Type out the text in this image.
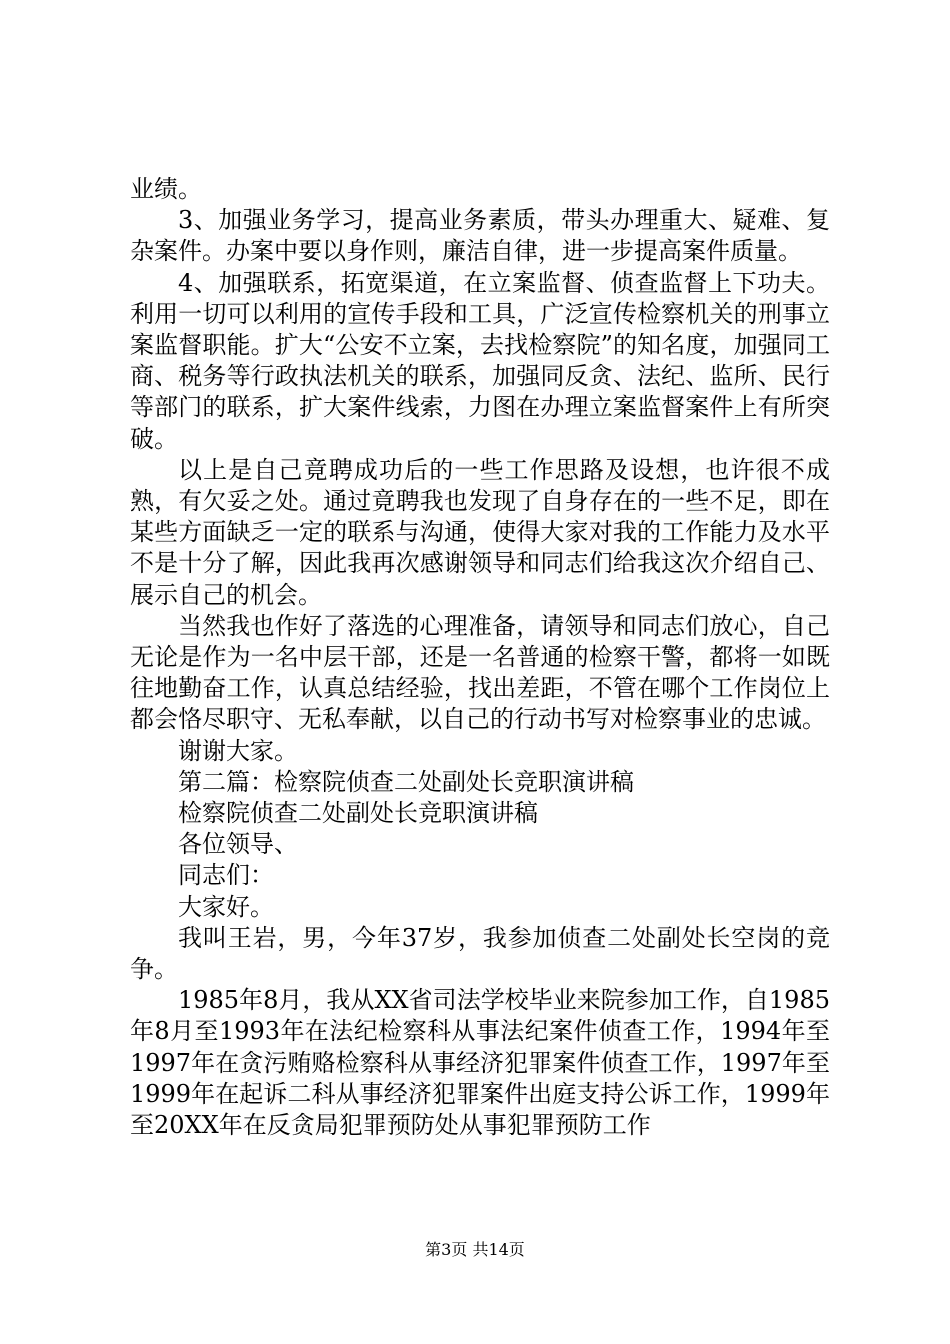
业绩。

3、加强业务学习，提高业务素质，带头办理重大、疑难、复杂案件。办案中要以身作则，廉洁自律，进一步提高案件质量。

4、加强联系，拓宽渠道，在立案监督、侦查监督上下功夫。利用一切可以利用的宣传手段和工具，广泛宣传检察机关的刑事立案监督职能。扩大“公安不立案，去找检察院”的知名度，加强同工商、税务等行政执法机关的联系，加强同反贪、法纪、监所、民行等部门的联系，扩大案件线索，力图在办理立案监督案件上有所突破。

以上是自己竟聘成功后的一些工作思路及设想，也许很不成熟，有欠妥之处。通过竟聘我也发现了自身存在的一些不足，即在某些方面缺乏一定的联系与沟通，使得大家对我的工作能力及水平不是十分了解，因此我再次感谢领导和同志们给我这次介绍自己、展示自己的机会。

当然我也作好了落选的心理准备，请领导和同志们放心，自己无论是作为一名中层干部，还是一名普通的检察干警，都将一如既往地勤奋工作，认真总结经验，找出差距，不管在哪个工作岗位上都会恪尽职守、无私奉献，以自己的行动书写对检察事业的忠诚。

谢谢大家。

第二篇：检察院侦查二处副处长竞职演讲稿

检察院侦查二处副处长竞职演讲稿

各位领导、

同志们：

大家好。

我叫王岩，男，今年37岁，我参加侦查二处副处长空岗的竞争。

1985年8月，我从XX省司法学校毕业来院参加工作，自1985年8月至1993年在法纪检察科从事法纪案件侦查工作，1994年至1997年在贪污贿赂检察科从事经济犯罪案件侦查工作，1997年至1999年在起诉二科从事经济犯罪案件出庭支持公诉工作，1999年至20XX年在反贪局犯罪预防处从事犯罪预防工作

第3页 共14页
